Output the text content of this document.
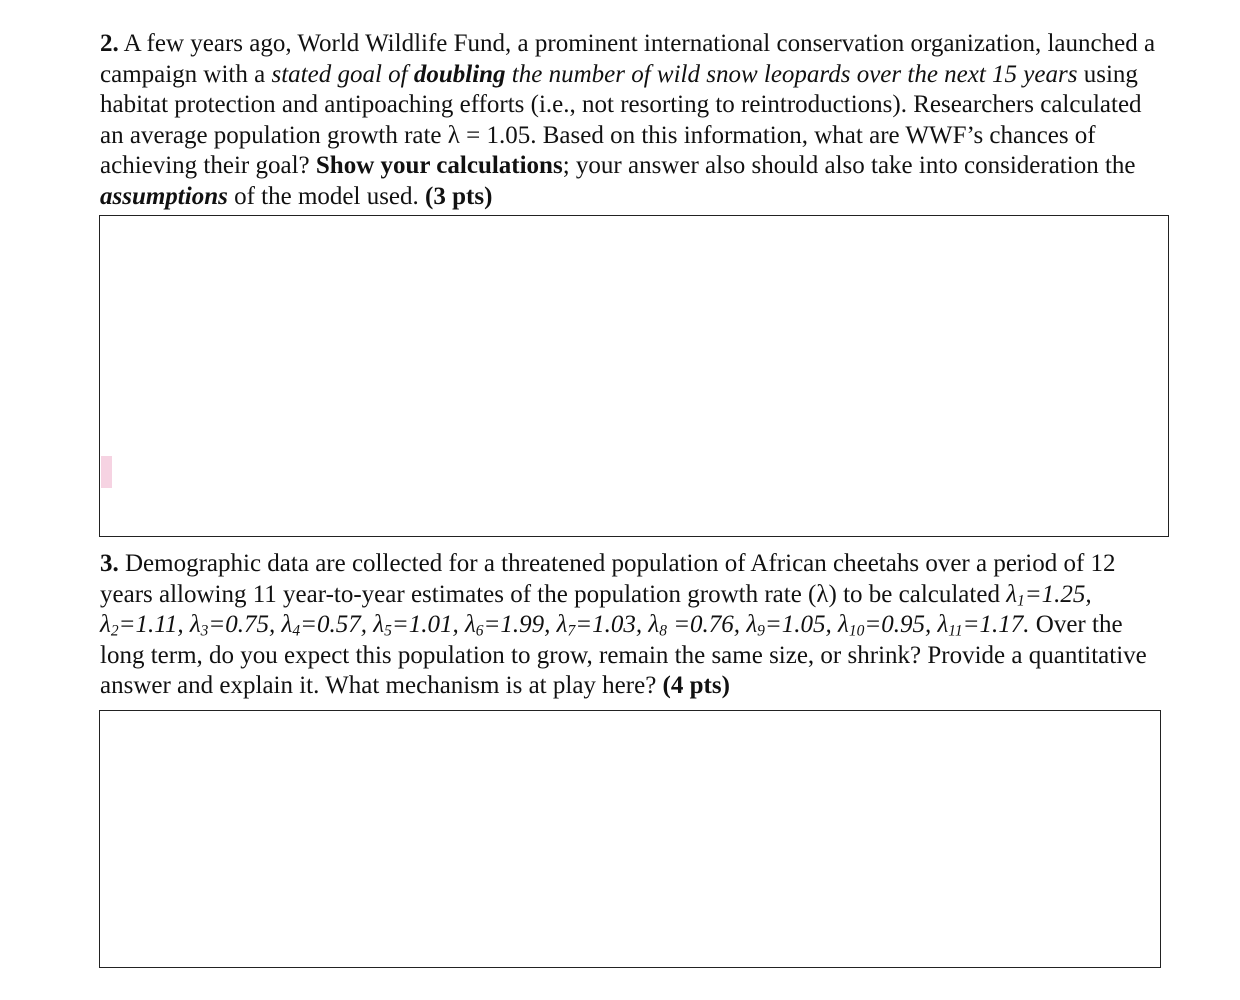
2. A few years ago, World Wildlife Fund, a prominent international conservation organization, launched a campaign with a stated goal of doubling the number of wild snow leopards over the next 15 years using habitat protection and antipoaching efforts (i.e., not resorting to reintroductions). Researchers calculated an average population growth rate λ = 1.05. Based on this information, what are WWF’s chances of achieving their goal? Show your calculations; your answer also should also take into consideration the assumptions of the model used. (3 pts)

3. Demographic data are collected for a threatened population of African cheetahs over a period of 12 years allowing 11 year-to-year estimates of the population growth rate (λ) to be calculated $\lambda_1=1.25$, $\lambda_2=1.11$, $\lambda_3=0.75$, $\lambda_4=0.57$, $\lambda_5=1.01$, $\lambda_6=1.99$, $\lambda_7=1.03$, $\lambda_8 =0.76$, $\lambda_9=1.05$, $\lambda_{10}=0.95$, $\lambda_{11}=1.17$. Over the long term, do you expect this population to grow, remain the same size, or shrink? Provide a quantitative answer and explain it. What mechanism is at play here? (4 pts)
